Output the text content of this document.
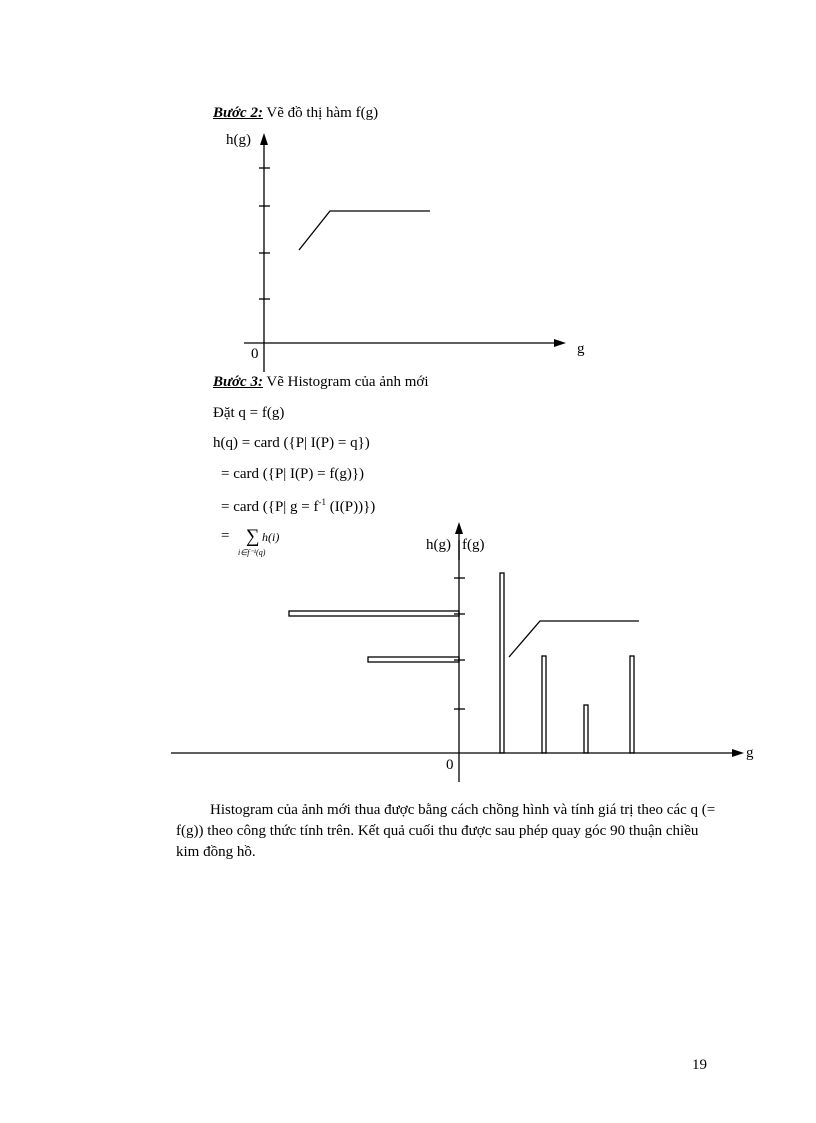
Bước 2: Vẽ đồ thị hàm f(g)
h(g)
0	g
Bước 3: Vẽ Histogram của ảnh mới
Đặt q = f(g)
h(q) = card ({P| I(P) = q})
= card ({P| I(P) = f(g)})
= card ({P| $g = f^{-1}$ (I(P))})
= ∑ h(i)
i∈f⁻¹(q)	h(g) f(g)
0
g
Histogram của ảnh mới thua được bằng cách chồng hình và tính giá trị theo các q (= f(g)) theo công thức tính trên. Kết quả cuối thu được sau phép quay góc 90 thuận chiều kim đồng hồ.
19
